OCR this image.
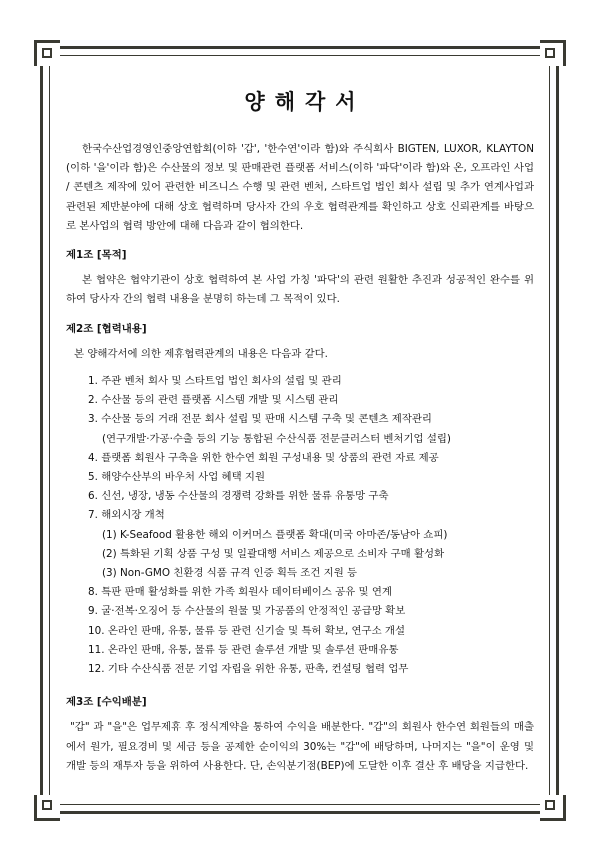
양해각서

한국수산업경영인중앙연합회(이하 '갑', '한수연'이라 함)와 주식회사 BIGTEN, LUXOR, KLAYTON (이하 '을'이라 함)은 수산물의 정보 및 판매관련 플랫폼 서비스(이하 '파닥'이라 함)와 온, 오프라인 사업 / 콘텐츠 제작에 있어 관련한 비즈니스 수행 및 관련 벤처, 스타트업 법인 회사 설립 및 추가 연계사업과 관련된 제반분야에 대해 상호 협력하며 당사자 간의 우호 협력관계를 확인하고 상호 신뢰관계를 바탕으로 본사업의 협력 방안에 대해 다음과 같이 협의한다.

제1조 [목적]

본 협약은 협약기관이 상호 협력하여 본 사업 가칭 '파닥'의 관련 원활한 추진과 성공적인 완수를 위하여 당사자 간의 협력 내용을 분명히 하는데 그 목적이 있다.

제2조 [협력내용]

본 양해각서에 의한 제휴협력관계의 내용은 다음과 같다.

1. 주관 벤처 회사 및 스타트업 법인 회사의 설립 및 관리
2. 수산물 등의 관련 플랫폼 시스템 개발 및 시스템 관리
3. 수산물 등의 거래 전문 회사 설립 및 판매 시스템 구축 및 콘텐츠 제작관리
(연구개발·가공·수출 등의 기능 통합된 수산식품 전문클러스터 벤처기업 설립)
4. 플랫폼 회원사 구축을 위한 한수연 회원 구성내용 및 상품의 관련 자료 제공
5. 해양수산부의 바우처 사업 혜택 지원
6. 신선, 냉장, 냉동 수산물의 경쟁력 강화를 위한 물류 유통망 구축
7. 해외시장 개척
(1) K-Seafood 활용한 해외 이커머스 플랫폼 확대(미국 아마존/동남아 쇼피)
(2) 특화된 기획 상품 구성 및 일괄대행 서비스 제공으로 소비자 구매 활성화
(3) Non-GMO 친환경 식품 규격 인증 획득 조건 지원 등
8. 특판 판매 활성화를 위한 가족 회원사 데이터베이스 공유 및 연계
9. 굴·전복·오징어 등 수산물의 원물 및 가공품의 안정적인 공급망 확보
10. 온라인 판매, 유통, 물류 등 관련 신기술 및 특허 확보, 연구소 개설
11. 온라인 판매, 유통, 물류 등 관련 솔루션 개발 및 솔루션 판매유통
12. 기타 수산식품 전문 기업 자립을 위한 유통, 판촉, 컨설팅 협력 업무
제3조 [수익배분]

"갑" 과 "을"은 업무제휴 후 정식계약을 통하여 수익을 배분한다. "갑"의 회원사 한수연 회원들의 매출에서 원가, 필요경비 및 세금 등을 공제한 순이익의 30%는 "갑"에 배당하며, 나머지는 "을"이 운영 및 개발 등의 재투자 등을 위하여 사용한다. 단, 손익분기점(BEP)에 도달한 이후 결산 후 배당을 지급한다.
